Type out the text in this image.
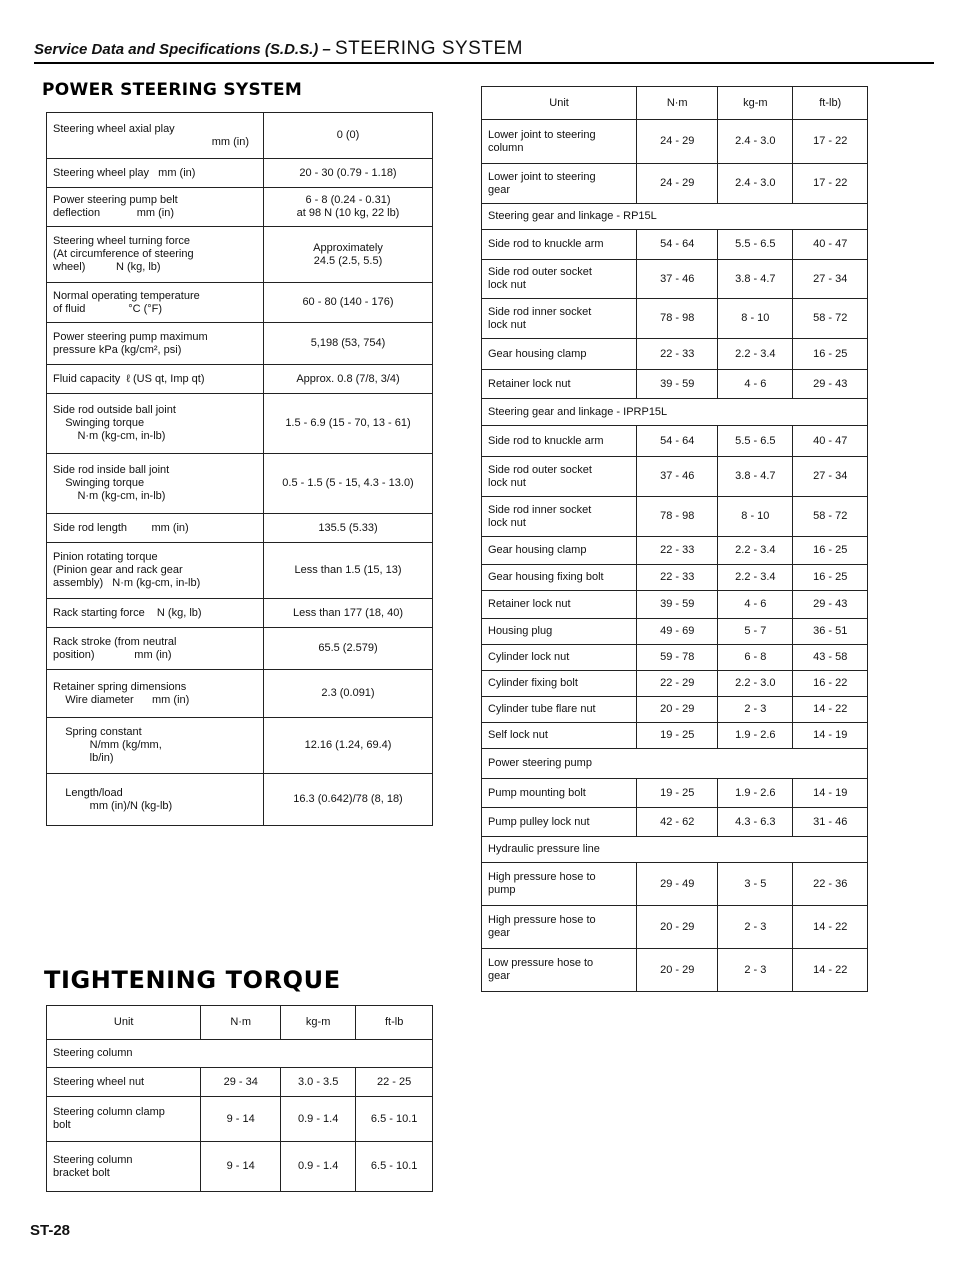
Service Data and Specifications (S.D.S.) – STEERING SYSTEM
POWER STEERING SYSTEM
Steering wheel axial play
mm (in)	0 (0)

Steering wheel play   mm (in)	20 - 30 (0.79 - 1.18)

Power steering pump belt
deflection            mm (in)	6 - 8 (0.24 - 0.31)
at 98 N (10 kg, 22 lb)

Steering wheel turning force
(At circumference of steering
wheel)          N (kg, lb)	Approximately
24.5 (2.5, 5.5)

Normal operating temperature
of fluid              °C (°F)	60 - 80 (140 - 176)

Power steering pump maximum
pressure kPa (kg/cm², psi)	5,198 (53, 754)

Fluid capacity  ℓ (US qt, Imp qt)	Approx. 0.8 (7/8, 3/4)

Side rod outside ball joint
Swinging torque
N·m (kg-cm, in-lb)	1.5 - 6.9 (15 - 70, 13 - 61)

Side rod inside ball joint
Swinging torque
N·m (kg-cm, in-lb)	0.5 - 1.5 (5 - 15, 4.3 - 13.0)

Side rod length        mm (in)	135.5 (5.33)

Pinion rotating torque
(Pinion gear and rack gear
assembly)   N·m (kg-cm, in-lb)	Less than 1.5 (15, 13)

Rack starting force    N (kg, lb)	Less than 177 (18, 40)

Rack stroke (from neutral
position)             mm (in)	65.5 (2.579)

Retainer spring dimensions
Wire diameter      mm (in)	2.3 (0.091)

Spring constant
N/mm (kg/mm,
lb/in)	12.16 (1.24, 69.4)

Length/load
mm (in)/N (kg-lb)	16.3 (0.642)/78 (8, 18)
TIGHTENING TORQUE
Unit	N·m	kg-m	ft-lb
Steering column			

Steering wheel nut	29 - 34	3.0 - 3.5	22 - 25

Steering column clamp
bolt	9 - 14	0.9 - 1.4	6.5 - 10.1

Steering column
bracket bolt	9 - 14	0.9 - 1.4	6.5 - 10.1
Unit	N·m	kg-m	ft-lb)

Lower joint to steering
column	24 - 29	2.4 - 3.0	17 - 22

Lower joint to steering
gear	24 - 29	2.4 - 3.0	17 - 22
Steering gear and linkage - RP15L			

Side rod to knuckle arm	54 - 64	5.5 - 6.5	40 - 47

Side rod outer socket
lock nut	37 - 46	3.8 - 4.7	27 - 34

Side rod inner socket
lock nut	78 - 98	8 - 10	58 - 72

Gear housing clamp	22 - 33	2.2 - 3.4	16 - 25

Retainer lock nut	39 - 59	4 - 6	29 - 43
Steering gear and linkage - IPRP15L			

Side rod to knuckle arm	54 - 64	5.5 - 6.5	40 - 47

Side rod outer socket
lock nut	37 - 46	3.8 - 4.7	27 - 34

Side rod inner socket
lock nut	78 - 98	8 - 10	58 - 72

Gear housing clamp	22 - 33	2.2 - 3.4	16 - 25

Gear housing fixing bolt	22 - 33	2.2 - 3.4	16 - 25

Retainer lock nut	39 - 59	4 - 6	29 - 43

Housing plug	49 - 69	5 - 7	36 - 51

Cylinder lock nut	59 - 78	6 - 8	43 - 58

Cylinder fixing bolt	22 - 29	2.2 - 3.0	16 - 22

Cylinder tube flare nut	20 - 29	2 - 3	14 - 22

Self lock nut	19 - 25	1.9 - 2.6	14 - 19
Power steering pump			

Pump mounting bolt	19 - 25	1.9 - 2.6	14 - 19

Pump pulley lock nut	42 - 62	4.3 - 6.3	31 - 46
Hydraulic pressure line			

High pressure hose to
pump	29 - 49	3 - 5	22 - 36

High pressure hose to
gear	20 - 29	2 - 3	14 - 22

Low pressure hose to
gear	20 - 29	2 - 3	14 - 22
ST-28
